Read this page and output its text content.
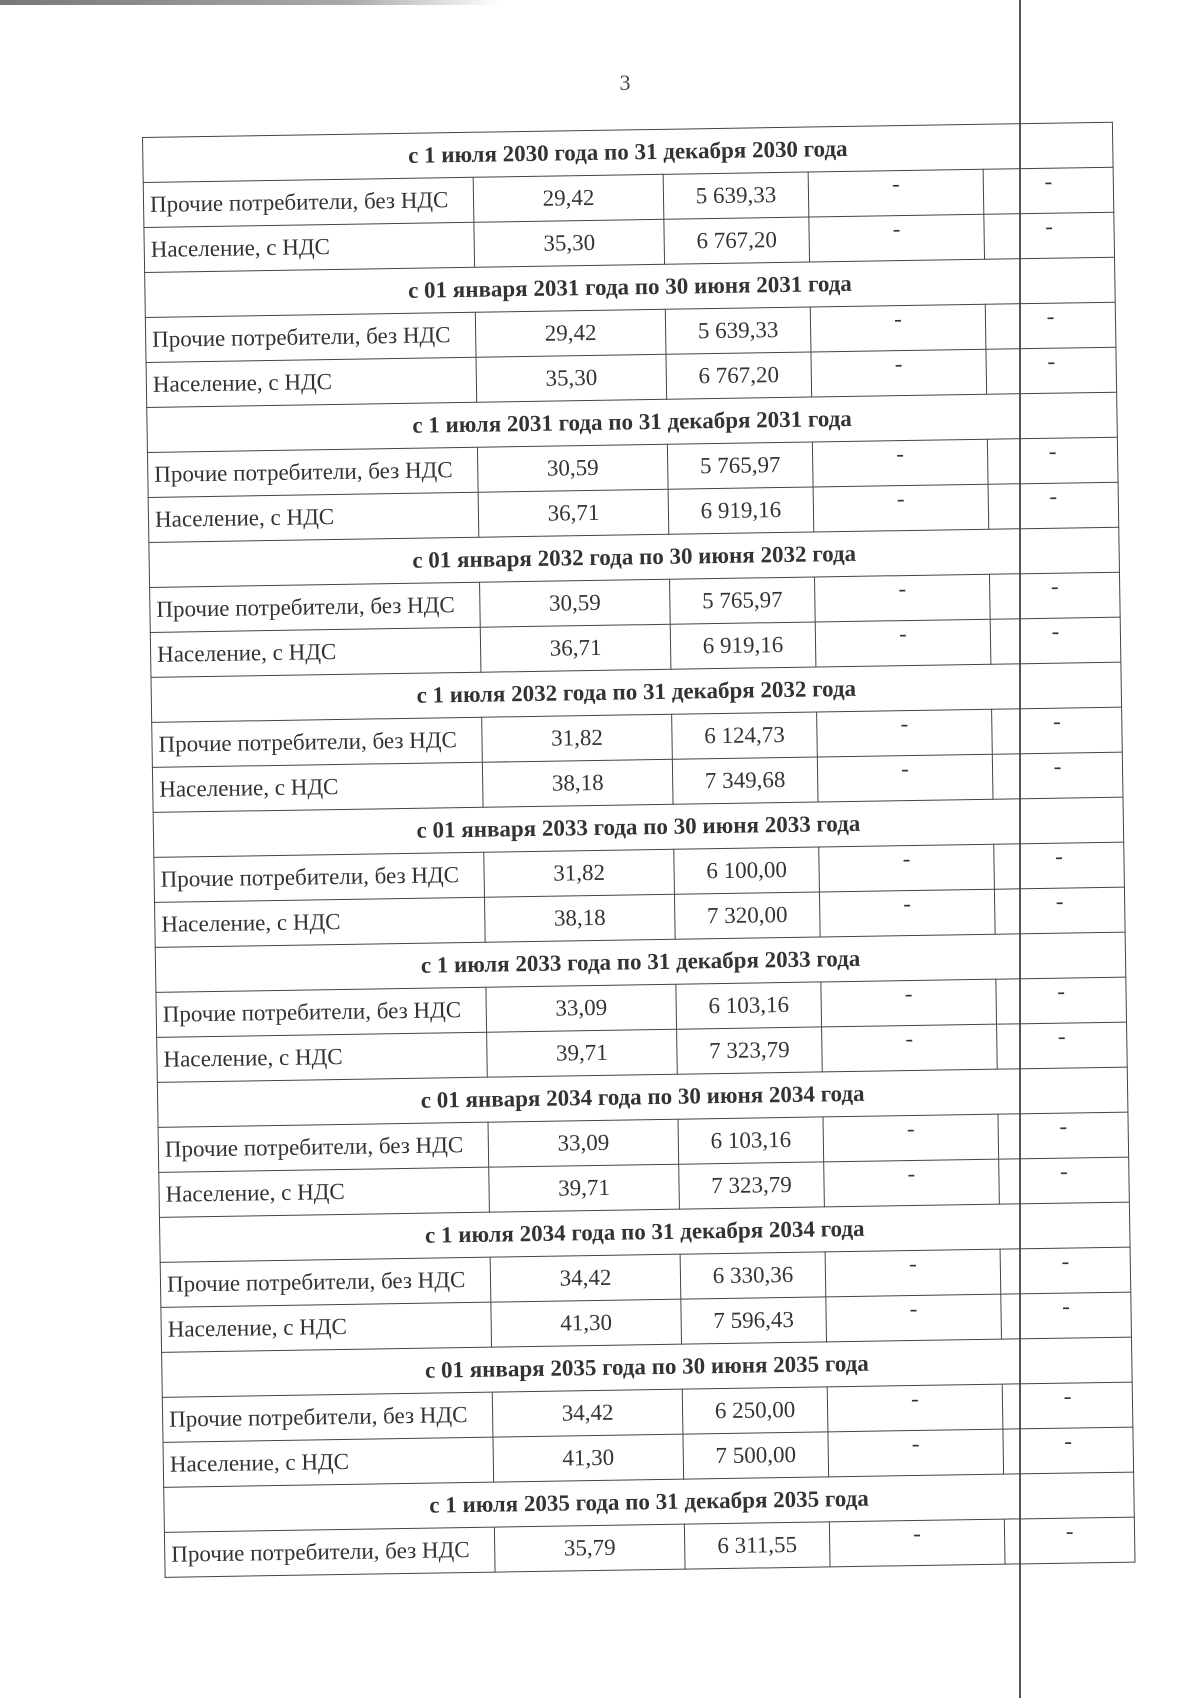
3
с 1 июля 2030 года по 31 декабря 2030 года				
Прочие потребители, без НДС	29,42	5 639,33	-	-
Население, с НДС	35,30	6 767,20	-	-
с 01 января 2031 года по 30 июня 2031 года				
Прочие потребители, без НДС	29,42	5 639,33	-	-
Население, с НДС	35,30	6 767,20	-	-
с 1 июля 2031 года по 31 декабря 2031 года				
Прочие потребители, без НДС	30,59	5 765,97	-	-
Население, с НДС	36,71	6 919,16	-	-
с 01 января 2032 года по 30 июня 2032 года				
Прочие потребители, без НДС	30,59	5 765,97	-	-
Население, с НДС	36,71	6 919,16	-	-
с 1 июля 2032 года по 31 декабря 2032 года				
Прочие потребители, без НДС	31,82	6 124,73	-	-
Население, с НДС	38,18	7 349,68	-	-
с 01 января 2033 года по 30 июня 2033 года				
Прочие потребители, без НДС	31,82	6 100,00	-	-
Население, с НДС	38,18	7 320,00	-	-
с 1 июля 2033 года по 31 декабря 2033 года				
Прочие потребители, без НДС	33,09	6 103,16	-	-
Население, с НДС	39,71	7 323,79	-	-
с 01 января 2034 года по 30 июня 2034 года				
Прочие потребители, без НДС	33,09	6 103,16	-	-
Население, с НДС	39,71	7 323,79	-	-
с 1 июля 2034 года по 31 декабря 2034 года				
Прочие потребители, без НДС	34,42	6 330,36	-	-
Население, с НДС	41,30	7 596,43	-	-
с 01 января 2035 года по 30 июня 2035 года				
Прочие потребители, без НДС	34,42	6 250,00	-	-
Население, с НДС	41,30	7 500,00	-	-
с 1 июля 2035 года по 31 декабря 2035 года				
Прочие потребители, без НДС	35,79	6 311,55	-	-
